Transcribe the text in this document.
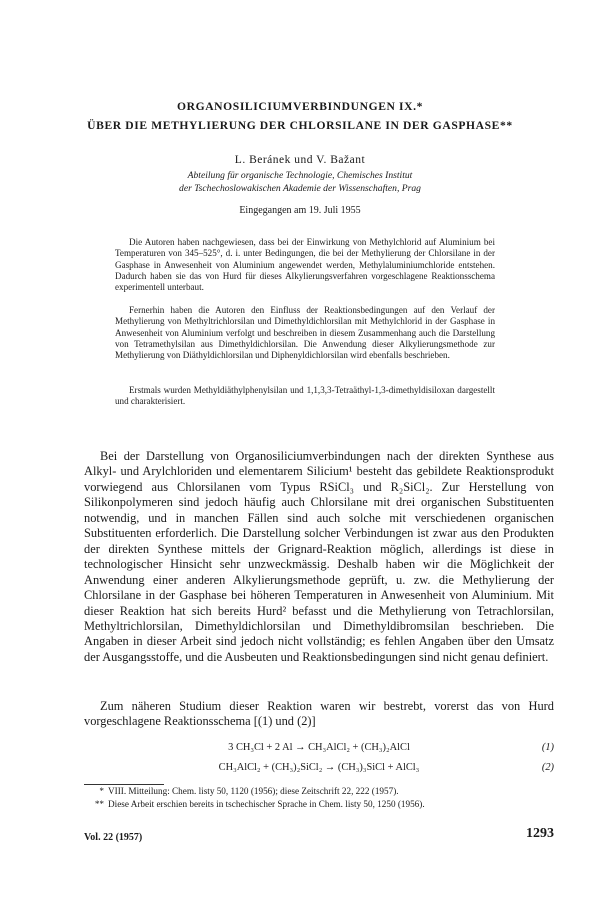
ORGANOSILICIUMVERBINDUNGEN IX.*
ÜBER DIE METHYLIERUNG DER CHLORSILANE IN DER GASPHASE**
L. Beránek und V. Bažant
Abteilung für organische Technologie, Chemisches Institut
der Tschechoslowakischen Akademie der Wissenschaften, Prag
Eingegangen am 19. Juli 1955

Die Autoren haben nachgewiesen, dass bei der Einwirkung von Methylchlorid auf Aluminium bei Temperaturen von 345–525°, d. i. unter Bedingungen, die bei der Methylierung der Chlorsilane in der Gasphase in Anwesenheit von Aluminium angewendet werden, Methylaluminiumchloride entstehen. Dadurch haben sie das von Hurd für dieses Alkylierungsverfahren vorgeschlagene Reaktionsschema experimentell unterbaut.

Fernerhin haben die Autoren den Einfluss der Reaktionsbedingungen auf den Verlauf der Methylierung von Methyltrichlorsilan und Dimethyldichlorsilan mit Methylchlorid in der Gasphase in Anwesenheit von Aluminium verfolgt und beschreiben in diesem Zusammenhang auch die Darstellung von Tetramethylsilan aus Dimethyldichlorsilan. Die Anwendung dieser Alkylierungsmethode zur Methylierung von Diäthyldichlorsilan und Diphenyldichlorsilan wird ebenfalls beschrieben.

Erstmals wurden Methyldiäthylphenylsilan und 1,1,3,3-Tetraäthyl-1,3-dimethyldisiloxan dargestellt und charakterisiert.

Bei der Darstellung von Organosiliciumverbindungen nach der direkten Synthese aus Alkyl- und Arylchloriden und elementarem Silicium¹ besteht das gebildete Reaktionsprodukt vorwiegend aus Chlorsilanen vom Typus RSiCl₃ und R₂SiCl₂. Zur Herstellung von Silikonpolymeren sind jedoch häufig auch Chlorsilane mit drei organischen Substituenten notwendig, und in manchen Fällen sind auch solche mit verschiedenen organischen Substituenten erforderlich. Die Darstellung solcher Verbindungen ist zwar aus den Produkten der direkten Synthese mittels der Grignard-Reaktion möglich, allerdings ist diese in technologischer Hinsicht sehr unzweckmässig. Deshalb haben wir die Möglichkeit der Anwendung einer anderen Alkylierungsmethode geprüft, u. zw. die Methylierung der Chlorsilane in der Gasphase bei höheren Temperaturen in Anwesenheit von Aluminium. Mit dieser Reaktion hat sich bereits Hurd² befasst und die Methylierung von Tetrachlorsilan, Methyltrichlorsilan, Dimethyldichlorsilan und Dimethyldibromsilan beschrieben. Die Angaben in dieser Arbeit sind jedoch nicht vollständig; es fehlen Angaben über den Umsatz der Ausgangsstoffe, und die Ausbeuten und Reaktionsbedingungen sind nicht genau definiert.

Zum näheren Studium dieser Reaktion waren wir bestrebt, vorerst das von Hurd vorgeschlagene Reaktionsschema [(1) und (2)]

3 CH₃Cl + 2 Al → CH₃AlCl₂ + (CH₃)₂AlCl	(1)
CH₃AlCl₂ + (CH₃)₂SiCl₂ → (CH₃)₃SiCl + AlCl₃	(2)
* VIII. Mitteilung: Chem. listy 50, 1120 (1956); diese Zeitschrift 22, 222 (1957).
** Diese Arbeit erschien bereits in tschechischer Sprache in Chem. listy 50, 1250 (1956).
Vol. 22 (1957)	1293
